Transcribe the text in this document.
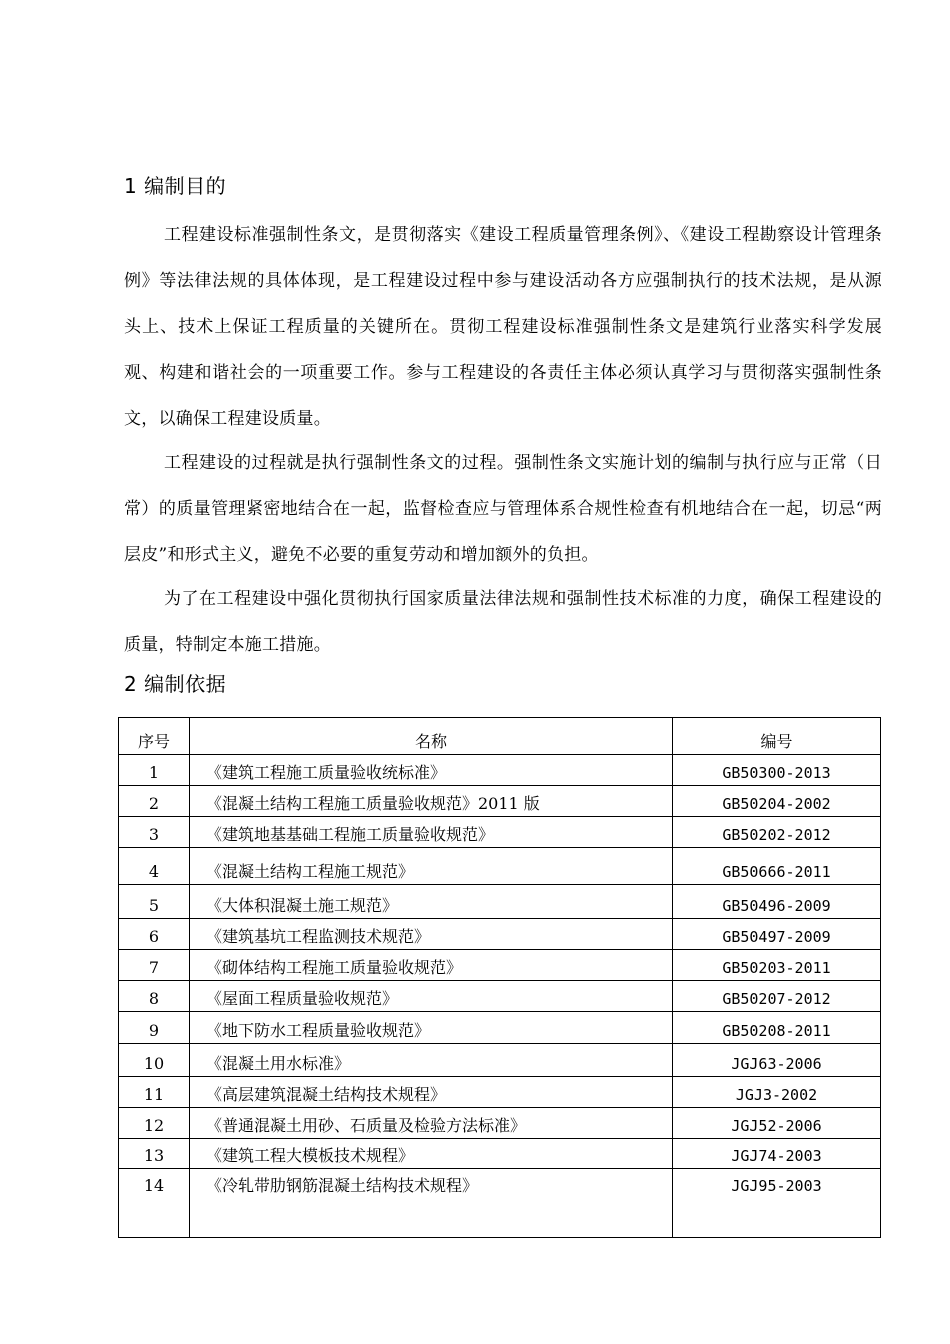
1 编制目的

工程建设标准强制性条文，是贯彻落实《建设工程质量管理条例》、《建设工程勘察设计管理条例》等法律法规的具体体现，是工程建设过程中参与建设活动各方应强制执行的技术法规，是从源头上、技术上保证工程质量的关键所在。贯彻工程建设标准强制性条文是建筑行业落实科学发展观、构建和谐社会的一项重要工作。参与工程建设的各责任主体必须认真学习与贯彻落实强制性条文，以确保工程建设质量。

工程建设的过程就是执行强制性条文的过程。强制性条文实施计划的编制与执行应与正常（日常）的质量管理紧密地结合在一起，监督检查应与管理体系合规性检查有机地结合在一起，切忌“两层皮”和形式主义，避免不必要的重复劳动和增加额外的负担。

为了在工程建设中强化贯彻执行国家质量法律法规和强制性技术标准的力度，确保工程建设的质量，特制定本施工措施。

2 编制依据
序号	名称	编号
1	《建筑工程施工质量验收统标准》	GB50300-2013
2	《混凝土结构工程施工质量验收规范》2011 版	GB50204-2002
3	《建筑地基基础工程施工质量验收规范》	GB50202-2012
4	《混凝土结构工程施工规范》	GB50666-2011
5	《大体积混凝土施工规范》	GB50496-2009
6	《建筑基坑工程监测技术规范》	GB50497-2009
7	《砌体结构工程施工质量验收规范》	GB50203-2011
8	《屋面工程质量验收规范》	GB50207-2012
9	《地下防水工程质量验收规范》	GB50208-2011
10	《混凝土用水标准》	JGJ63-2006
11	《高层建筑混凝土结构技术规程》	JGJ3-2002
12	《普通混凝土用砂、石质量及检验方法标准》	JGJ52-2006
13	《建筑工程大模板技术规程》	JGJ74-2003
14	《冷轧带肋钢筋混凝土结构技术规程》	JGJ95-2003
